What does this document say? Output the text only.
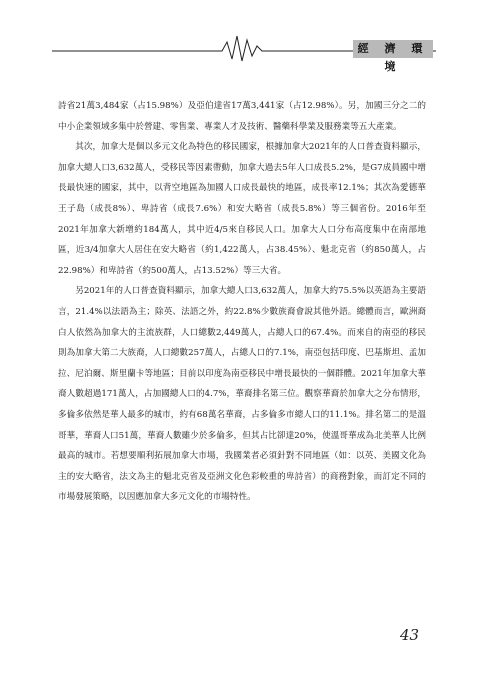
經 濟 環 境

詩省21萬3,484家（占15.98%）及亞伯達省17萬3,441家（占12.98%）。另，加國三分之二的中小企業領域多集中於營建、零售業、專業人才及技術、醫藥科學業及服務業等五大產業。

其次，加拿大是個以多元文化為特色的移民國家，根據加拿大2021年的人口普查資料顯示，加拿大總人口3,632萬人，受移民等因素帶動，加拿大過去5年人口成長5.2%，是G7成員國中增長最快速的國家，其中，以背空地區為加國人口成長最快的地區，成長率12.1%；其次為愛德華王子島（成長8%）、卑詩省（成長7.6%）和安大略省（成長5.8%）等三個省份。2016年至2021年加拿大新增約184萬人，其中近4/5來自移民人口。加拿大人口分布高度集中在南部地區，近3/4加拿大人居住在安大略省（約1,422萬人，占38.45%）、魁北克省（約850萬人，占22.98%）和卑詩省（約500萬人，占13.52%）等三大省。

另2021年的人口普查資料顯示，加拿大總人口3,632萬人，加拿大約75.5%以英語為主要語言，21.4%以法語為主；除英、法語之外，約22.8%少數族裔會說其他外語。總體而言，歐洲裔白人依然為加拿大的主流族群，人口總數2,449萬人，占總人口的67.4%。而來自的南亞的移民則為加拿大第二大族裔，人口總數257萬人，占總人口的7.1%，南亞包括印度、巴基斯坦、孟加拉、尼泊爾、斯里蘭卡等地區；目前以印度為南亞移民中增長最快的一個群體。2021年加拿大華裔人數超過171萬人，占加國總人口的4.7%，華裔排名第三位。觀察華裔於加拿大之分布情形，多倫多依然是華人最多的城市，約有68萬名華裔，占多倫多市總人口的11.1%。排名第二的是溫哥華，華裔人口51萬，華裔人數雖少於多倫多，但其占比卻達20%，使溫哥華成為北美華人比例最高的城市。若想要順利拓展加拿大市場，我國業者必須針對不同地區（如：以英、美國文化為主的安大略省，法文為主的魁北克省及亞洲文化色彩較重的卑詩省）的商務對象，而訂定不同的市場發展策略，以因應加拿大多元文化的市場特性。

43
